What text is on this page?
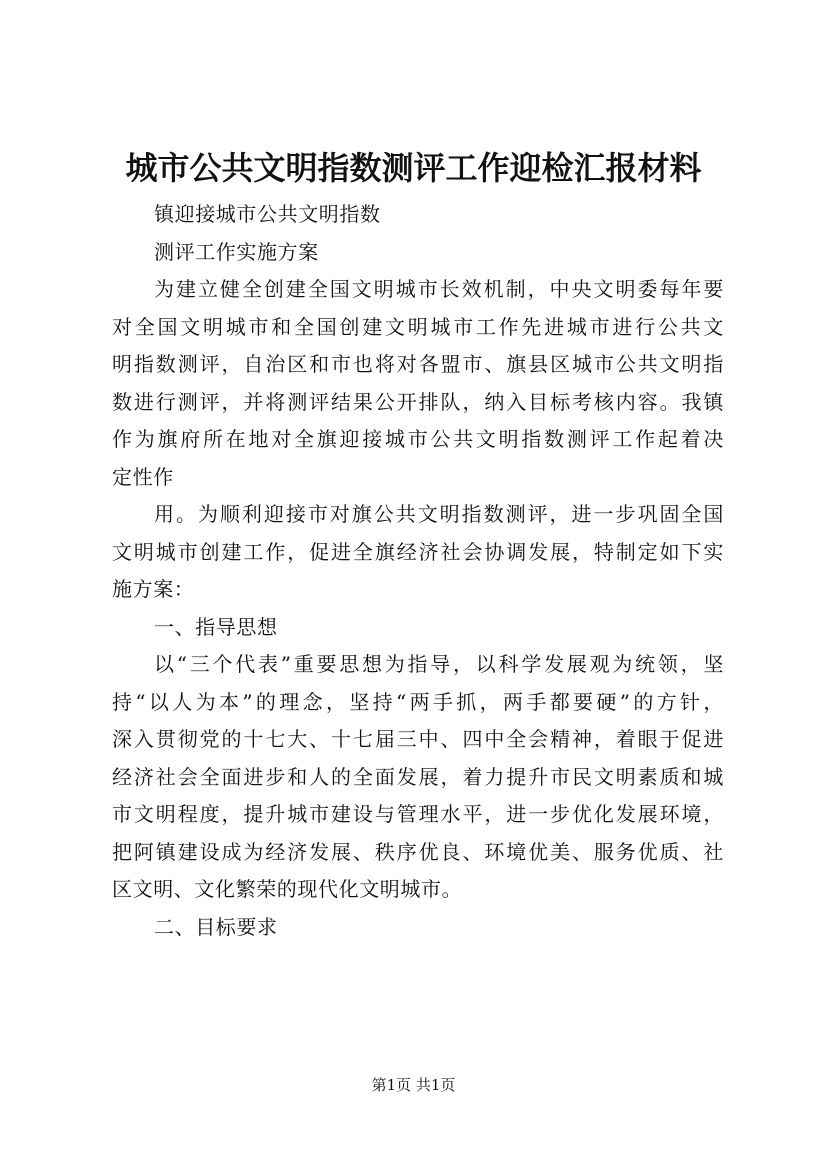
城市公共文明指数测评工作迎检汇报材料
镇迎接城市公共文明指数
测评工作实施方案
为建立健全创建全国文明城市长效机制，中央文明委每年要
对全国文明城市和全国创建文明城市工作先进城市进行公共文
明指数测评，自治区和市也将对各盟市、旗县区城市公共文明指
数进行测评，并将测评结果公开排队，纳入目标考核内容。我镇
作为旗府所在地对全旗迎接城市公共文明指数测评工作起着决
定性作
用。为顺利迎接市对旗公共文明指数测评，进一步巩固全国
文明城市创建工作，促进全旗经济社会协调发展，特制定如下实
施方案：
一、指导思想
以“三个代表”重要思想为指导，以科学发展观为统领，坚
持“以人为本”的理念，坚持“两手抓，两手都要硬”的方针，
深入贯彻党的十七大、十七届三中、四中全会精神，着眼于促进
经济社会全面进步和人的全面发展，着力提升市民文明素质和城
市文明程度，提升城市建设与管理水平，进一步优化发展环境，
把阿镇建设成为经济发展、秩序优良、环境优美、服务优质、社
区文明、文化繁荣的现代化文明城市。
二、目标要求
第1页 共1页
